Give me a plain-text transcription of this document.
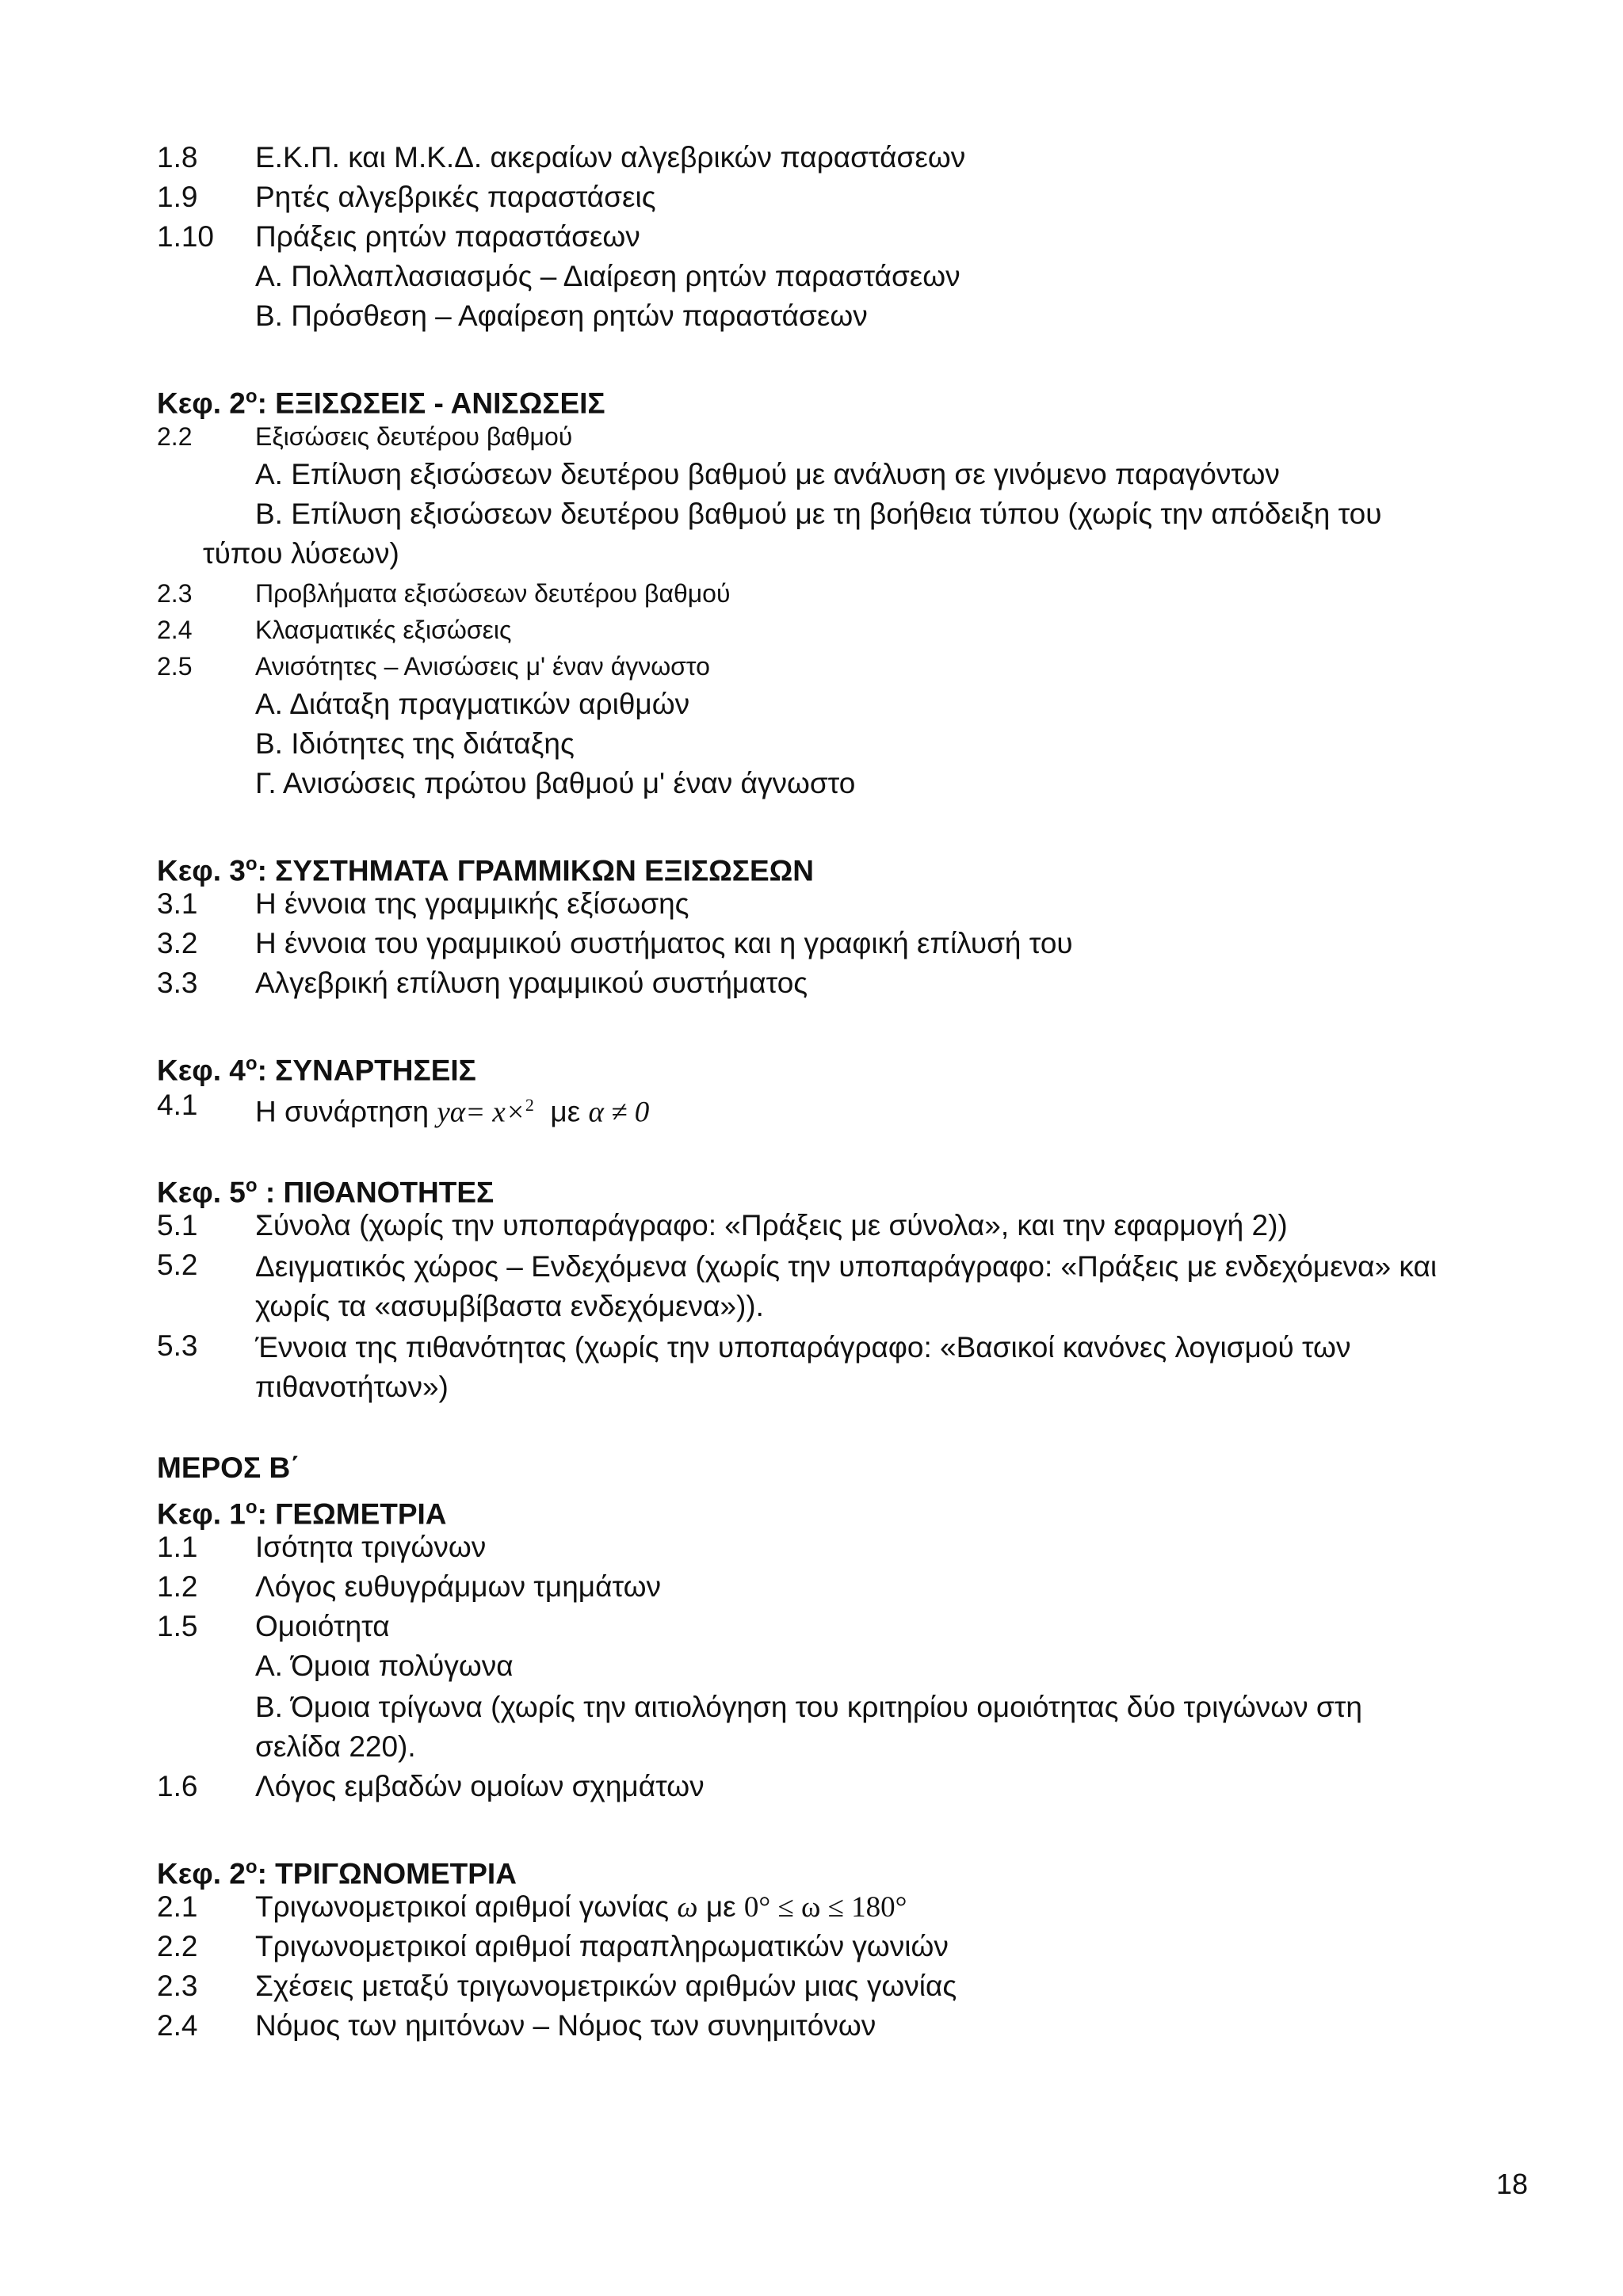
1.8 Ε.Κ.Π. και Μ.Κ.Δ. ακεραίων αλγεβρικών παραστάσεων
1.9 Ρητές αλγεβρικές παραστάσεις
1.10 Πράξεις ρητών παραστάσεων
Α. Πολλαπλασιασμός – Διαίρεση ρητών παραστάσεων
Β. Πρόσθεση – Αφαίρεση ρητών παραστάσεων
Κεφ. $2^o$: ΕΞΙΣΩΣΕΙΣ - ΑΝΙΣΩΣΕΙΣ
2.2 Εξισώσεις δευτέρου βαθμού
Α. Επίλυση εξισώσεων δευτέρου βαθμού με ανάλυση σε γινόμενο παραγόντων
Β. Επίλυση εξισώσεων δευτέρου βαθμού με τη βοήθεια τύπου (χωρίς την απόδειξη του
τύπου λύσεων)
2.3 Προβλήματα εξισώσεων δευτέρου βαθμού
2.4 Κλασματικές εξισώσεις
2.5 Ανισότητες – Ανισώσεις μ' έναν άγνωστο
Α. Διάταξη πραγματικών αριθμών
Β. Ιδιότητες της διάταξης
Γ. Ανισώσεις πρώτου βαθμού μ' έναν άγνωστο
Κεφ. $3^o$: ΣΥΣΤΗΜΑΤΑ ΓΡΑΜΜΙΚΩΝ ΕΞΙΣΩΣΕΩΝ
3.1 Η έννοια της γραμμικής εξίσωσης
3.2 Η έννοια του γραμμικού συστήματος και η γραφική επίλυσή του
3.3 Αλγεβρική επίλυση γραμμικού συστήματος
Κεφ. $4^o$: ΣΥΝΑΡΤΗΣΕΙΣ
4.1 Η συνάρτηση yα= x×$^2$ με α ≠ 0
Κεφ. $5^o$ : ΠΙΘΑΝΟΤΗΤΕΣ
5.1 Σύνολα (χωρίς την υποπαράγραφο: «Πράξεις με σύνολα», και την εφαρμογή 2))
5.2 Δειγματικός χώρος – Ενδεχόμενα (χωρίς την υποπαράγραφο: «Πράξεις με ενδεχόμενα» και
χωρίς τα «ασυμβίβαστα ενδεχόμενα»)).
5.3 Έννοια της πιθανότητας (χωρίς την υποπαράγραφο: «Βασικοί κανόνες λογισμού των
πιθανοτήτων»)
ΜΕΡΟΣ Β΄
Κεφ. $1^o$: ΓΕΩΜΕΤΡΙΑ
1.1 Ισότητα τριγώνων
1.2 Λόγος ευθυγράμμων τμημάτων
1.5 Ομοιότητα
Α. Όμοια πολύγωνα
Β. Όμοια τρίγωνα (χωρίς την αιτιολόγηση του κριτηρίου ομοιότητας δύο τριγώνων στη
σελίδα 220).
1.6 Λόγος εμβαδών ομοίων σχημάτων
Κεφ. $2^o$: ΤΡΙΓΩΝΟΜΕΤΡΙΑ
2.1 Τριγωνομετρικοί αριθμοί γωνίας ω με 0° ≤ ω ≤ 180°
2.2 Τριγωνομετρικοί αριθμοί παραπληρωματικών γωνιών
2.3 Σχέσεις μεταξύ τριγωνομετρικών αριθμών μιας γωνίας
2.4 Νόμος των ημιτόνων – Νόμος των συνημιτόνων
18
